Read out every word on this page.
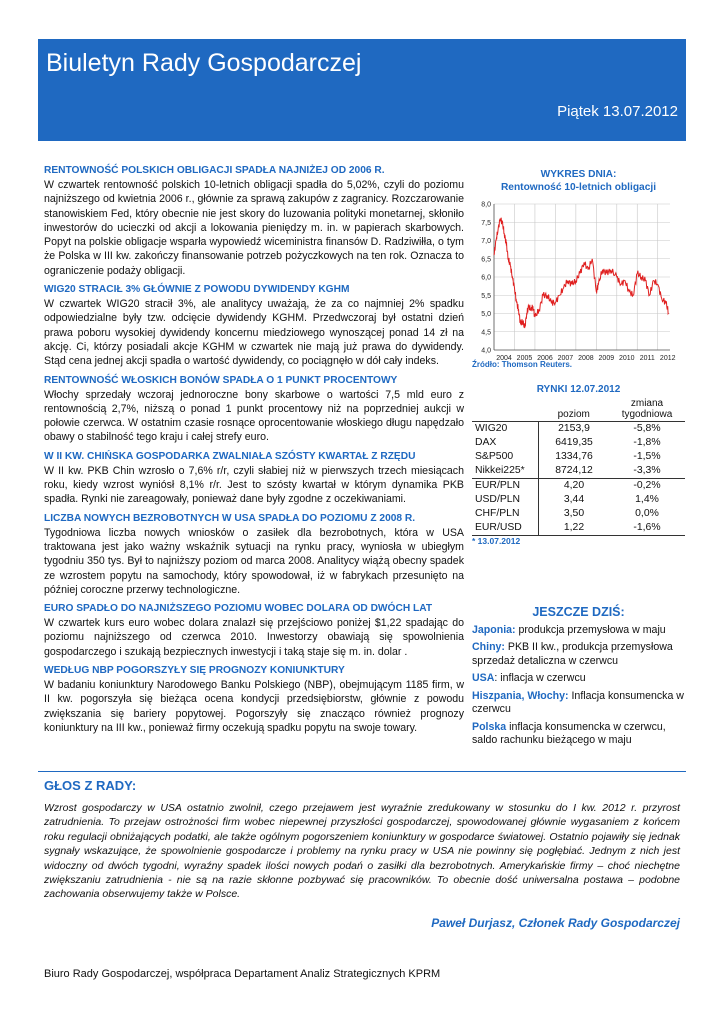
Biuletyn Rady Gospodarczej
Piątek 13.07.2012
RENTOWNOŚĆ POLSKICH OBLIGACJI SPADŁA NAJNIŻEJ OD 2006 R.

W czwartek rentowność polskich 10-letnich obligacji spadła do 5,02%, czyli do poziomu najniższego od kwietnia 2006 r., głównie za sprawą zakupów z zagranicy. Rozczarowanie stanowiskiem Fed, który obecnie nie jest skory do luzowania polityki monetarnej, skłoniło inwestorów do ucieczki od akcji a lokowania pieniędzy m. in. w papierach skarbowych. Popyt na polskie obligacje wsparła wypowiedź wiceministra finansów D. Radziwiłła, o tym że Polska w III kw. zakończy finansowanie potrzeb pożyczkowych na ten rok. Oznacza to ograniczenie podaży obligacji.

WIG20 STRACIŁ 3% GŁÓWNIE Z POWODU DYWIDENDY KGHM

W czwartek WIG20 stracił 3%, ale analitycy uważają, że za co najmniej 2% spadku odpowiedzialne były tzw. odcięcie dywidendy KGHM. Przedwczoraj był ostatni dzień prawa poboru wysokiej dywidendy koncernu miedziowego wynoszącej ponad 14 zł na akcję. Ci, którzy posiadali akcje KGHM w czwartek nie mają już prawa do dywidendy. Stąd cena jednej akcji spadła o wartość dywidendy, co pociągnęło w dół cały indeks.

RENTOWNOŚĆ WŁOSKICH BONÓW SPADŁA O 1 PUNKT PROCENTOWY

Włochy sprzedały wczoraj jednoroczne bony skarbowe o wartości 7,5 mld euro z rentownością 2,7%, niższą o ponad 1 punkt procentowy niż na poprzedniej aukcji w połowie czerwca. W ostatnim czasie rosnące oprocentowanie włoskiego długu napędzało obawy o stabilność tego kraju i całej strefy euro.

W II KW. CHIŃSKA GOSPODARKA ZWALNIAŁA SZÓSTY KWARTAŁ Z RZĘDU

W II kw. PKB Chin wzrosło o 7,6% r/r, czyli słabiej niż w pierwszych trzech miesiącach roku, kiedy wzrost wyniósł 8,1% r/r. Jest to szósty kwartał w którym dynamika PKB spadła. Rynki nie zareagowały, ponieważ dane były zgodne z oczekiwaniami.

LICZBA NOWYCH BEZROBOTNYCH W USA SPADŁA DO POZIOMU Z 2008 R.

Tygodniowa liczba nowych wniosków o zasiłek dla bezrobotnych, która w USA traktowana jest jako ważny wskaźnik sytuacji na rynku pracy, wyniosła w ubiegłym tygodniu 350 tys. Był to najniższy poziom od marca 2008. Analitycy wiążą obecny spadek ze wzrostem popytu na samochody, który spowodował, iż w fabrykach przesunięto na później coroczne przerwy technologiczne.

EURO SPADŁO DO NAJNIŻSZEGO POZIOMU WOBEC DOLARA OD DWÓCH LAT

W czwartek kurs euro wobec dolara znalazł się przejściowo poniżej $1,22 spadając do poziomu najniższego od czerwca 2010. Inwestorzy obawiają się spowolnienia gospodarczego i szukają bezpiecznych inwestycji i taką staje się m. in. dolar .

WEDŁUG NBP POGORSZYŁY SIĘ PROGNOZY KONIUNKTURY

W badaniu koniunktury Narodowego Banku Polskiego (NBP), obejmującym 1185 firm, w II kw. pogorszyła się bieżąca ocena kondycji przedsiębiorstw, głównie z powodu zwiększania się bariery popytowej. Pogorszyły się znacząco również prognozy koniunktury na III kw., ponieważ firmy oczekują spadku popytu na swoje towary.

WYKRES DNIA:
Rentowność 10-letnich obligacji
8,0
7,5
7,0
6,5
6,0
5,5
5,0
4,5
4,0
2004 2005 2006 2007 2008 2009 2010 2011 2012
Źródło: Thomson Reuters.
RYNKI 12.07.2012
	poziom	zmiana tygodniowa
WIG20	2153,9	-5,8%
DAX	6419,35	-1,8%
S&P500	1334,76	-1,5%
Nikkei225*	8724,12	-3,3%
EUR/PLN	4,20	-0,2%
USD/PLN	3,44	1,4%
CHF/PLN	3,50	0,0%
EUR/USD	1,22	-1,6%
* 13.07.2012
JESZCZE DZIŚ:

Japonia: produkcja przemysłowa w maju

Chiny: PKB II kw., produkcja przemysłowa sprzedaż detaliczna w czerwcu

USA: inflacja w czerwcu

Hiszpania, Włochy: Inflacja konsumencka w czerwcu

Polska inflacja konsumencka w czerwcu, saldo rachunku bieżącego w maju

GŁOS Z RADY:
Wzrost gospodarczy w USA ostatnio zwolnił, czego przejawem jest wyraźnie zredukowany w stosunku do I kw. 2012 r. przyrost zatrudnienia. To przejaw ostrożności firm wobec niepewnej przyszłości gospodarczej, spowodowanej głównie wygasaniem z końcem roku regulacji obniżających podatki, ale także ogólnym pogorszeniem koniunktury w gospodarce światowej. Ostatnio pojawiły się jednak sygnały wskazujące, że spowolnienie gospodarcze i problemy na rynku pracy w USA nie powinny się pogłębiać. Jednym z nich jest widoczny od dwóch tygodni, wyraźny spadek ilości nowych podań o zasiłki dla bezrobotnych. Amerykańskie firmy – choć niechętne zwiększaniu zatrudnienia - nie są na razie skłonne pozbywać się pracowników. To obecnie dość uniwersalna postawa – podobne zachowania obserwujemy także w Polsce.
Paweł Durjasz, Członek Rady Gospodarczej
Biuro Rady Gospodarczej, współpraca Departament Analiz Strategicznych KPRM
